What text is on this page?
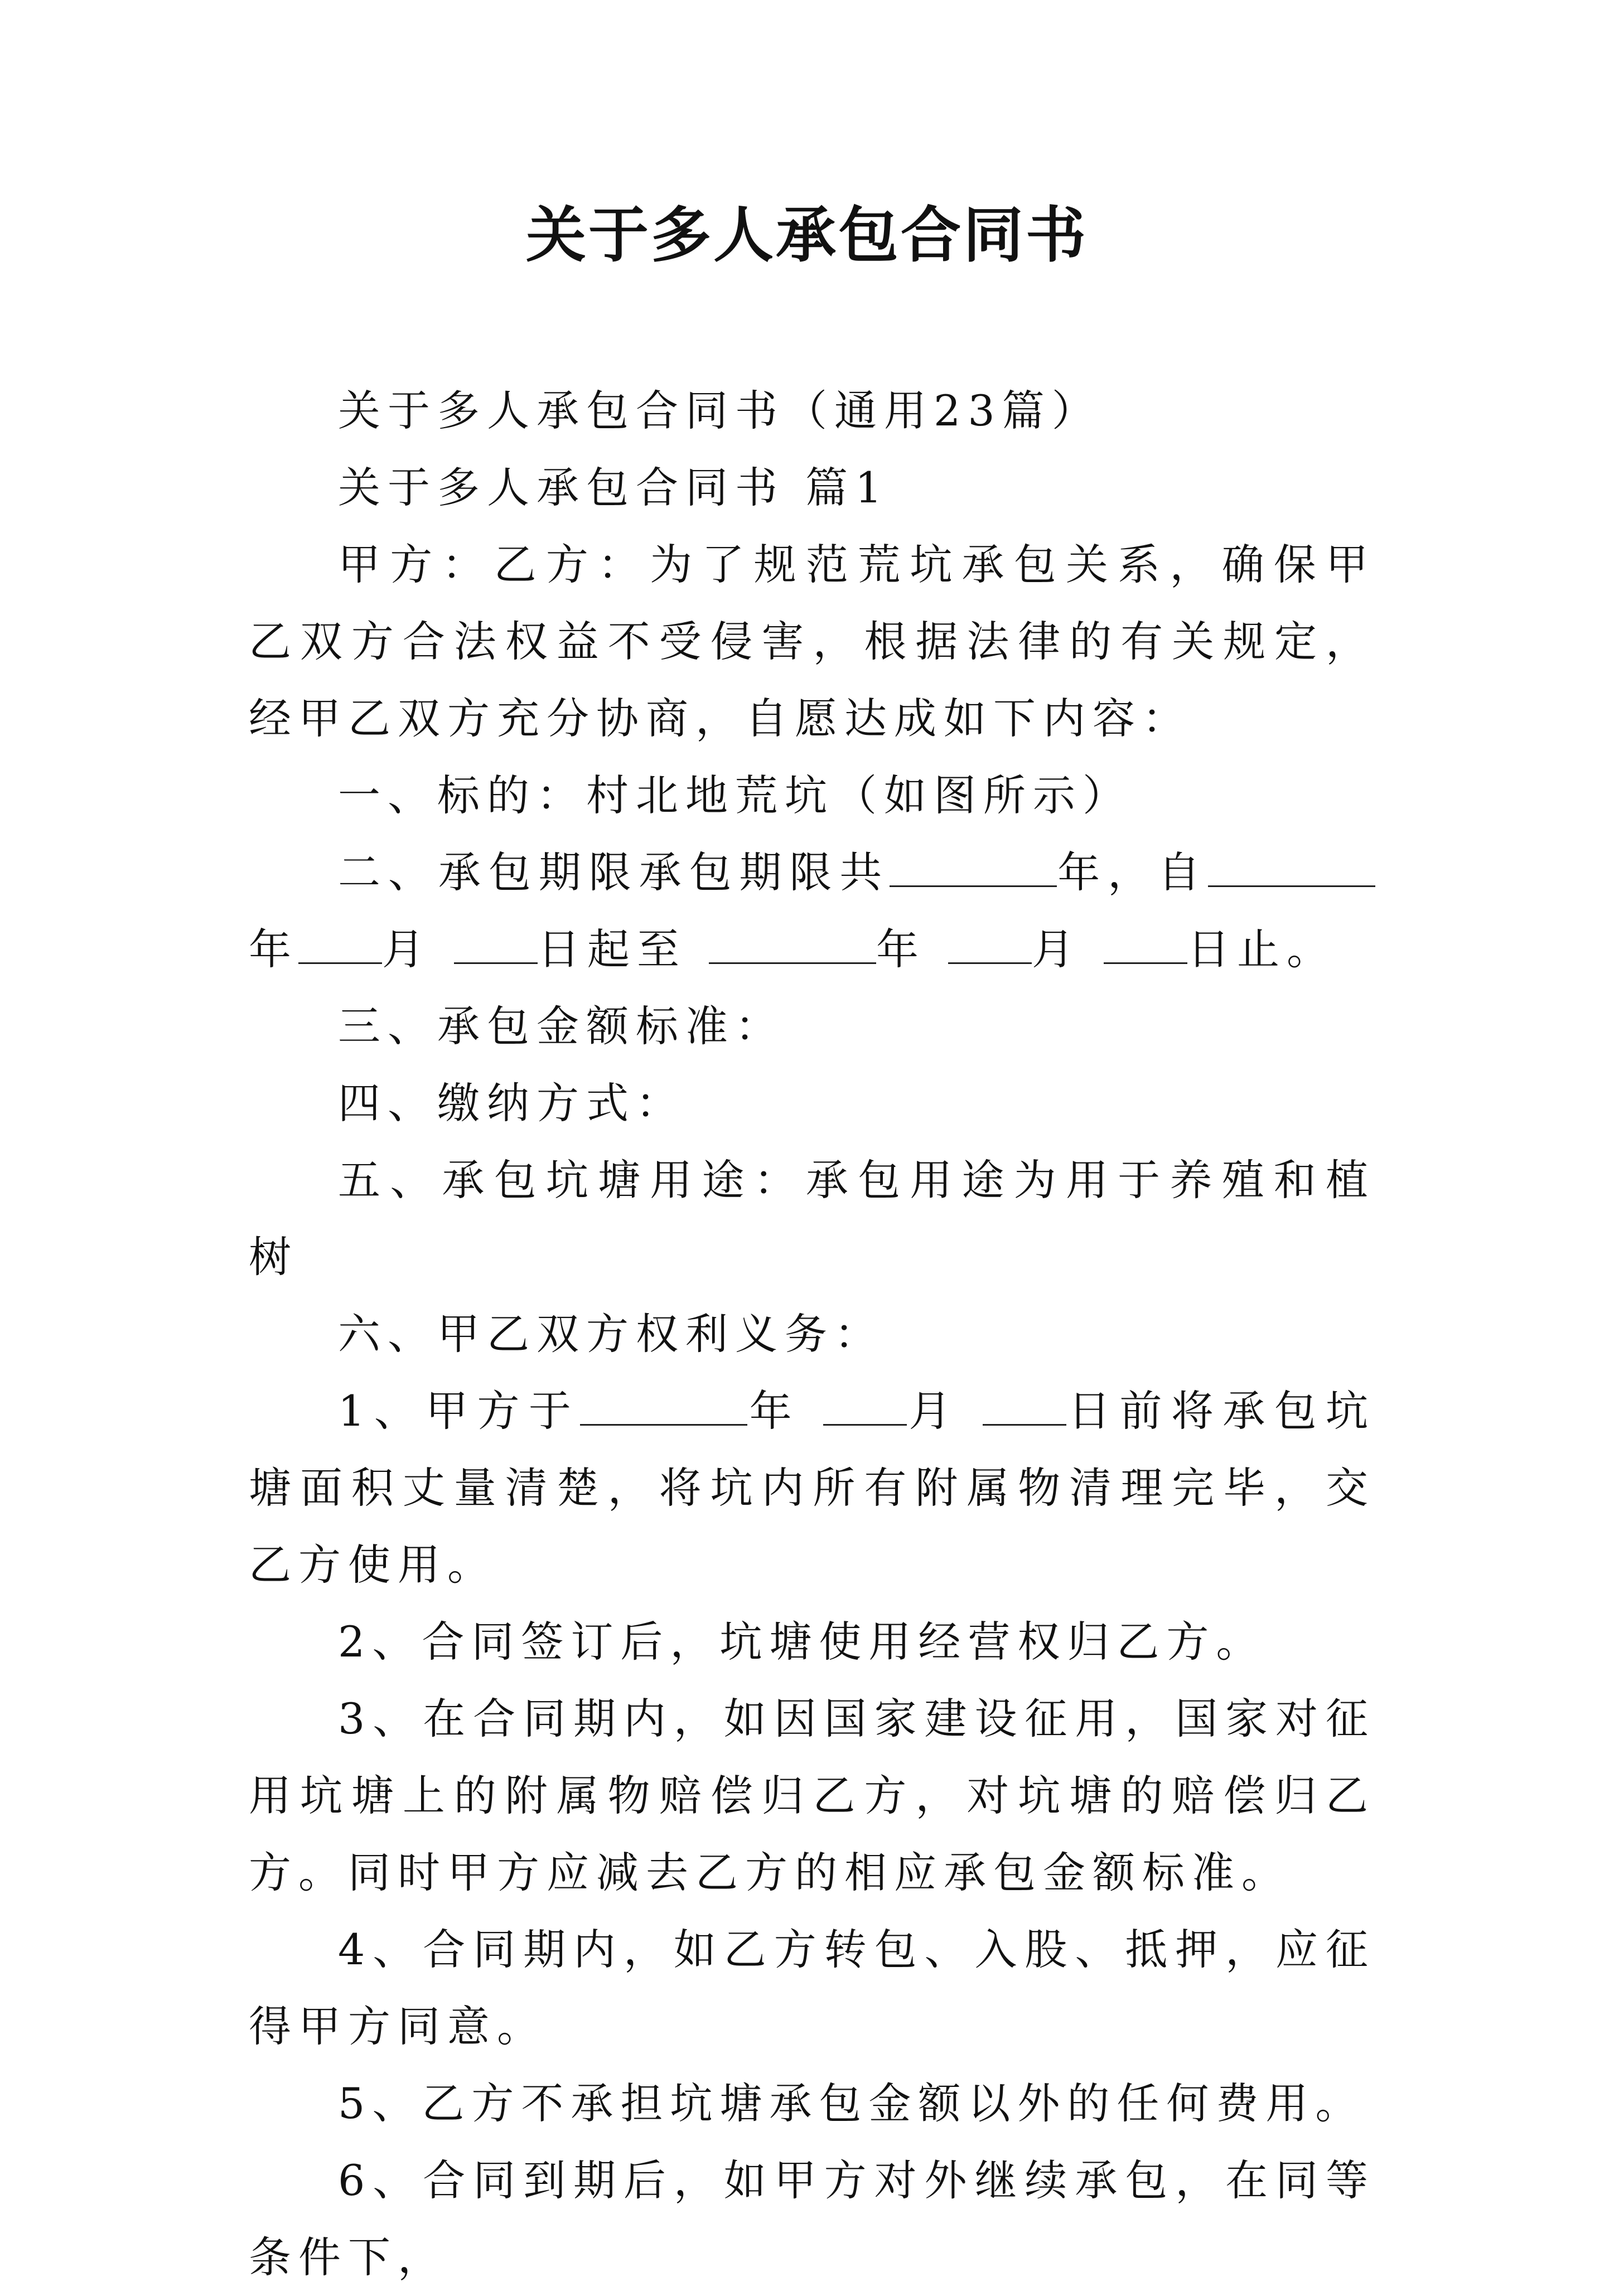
关于多人承包合同书

关于多人承包合同书（通用23篇）

关于多人承包合同书 篇1

甲方：乙方：为了规范荒坑承包关系，确保甲乙双方合法权益不受侵害，根据法律的有关规定，经甲乙双方充分协商，自愿达成如下内容：

一、标的：村北地荒坑（如图所示）

二、承包期限承包期限共	年，自年 月	日起至	年	月	日止。

三、承包金额标准：

四、缴纳方式：

五、承包坑塘用途：承包用途为用于养殖和植树

六、甲乙双方权利义务：

1、甲方于	年	月	日前将承包坑塘面积丈量清楚，将坑内所有附属物清理完毕，交乙方使用。

2、合同签订后，坑塘使用经营权归乙方。

3、在合同期内，如因国家建设征用，国家对征用坑塘上的附属物赔偿归乙方，对坑塘的赔偿归乙方。同时甲方应减去乙方的相应承包金额标准。

4、合同期内，如乙方转包、入股、抵押，应征得甲方同意。

5、乙方不承担坑塘承包金额以外的任何费用。

6、合同到期后，如甲方对外继续承包，在同等条件下，
